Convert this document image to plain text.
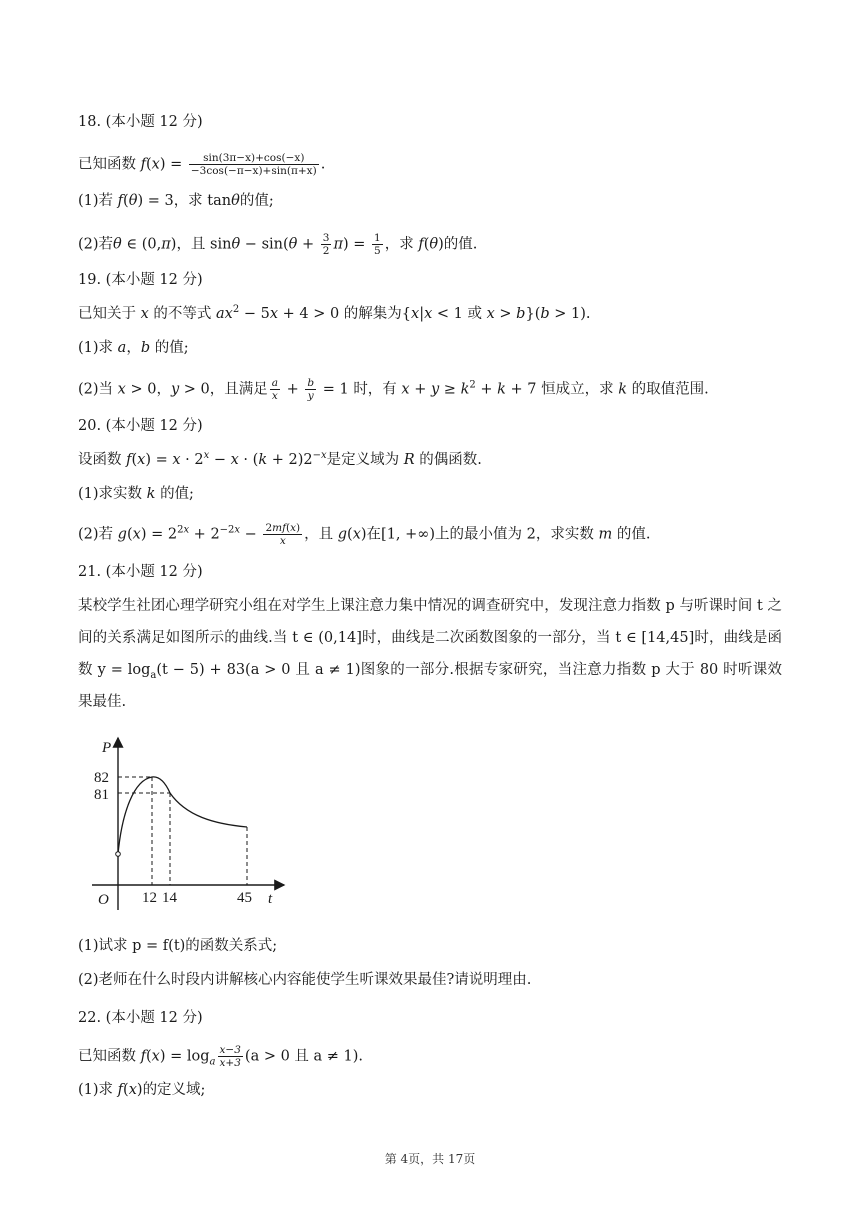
18. (本小题 12 分)
已知函数 $f(x) = \frac{\sin(3\pi-x)+\cos(-x)}{-3\cos(-\pi-x)+\sin(\pi+x)}$ .
(1)若 f(θ) = 3，求 tanθ的值;
(2)若θ ∈ (0,π)，且 $\sin\theta - \sin(\theta + \frac{3}{2} \pi) = \frac{1}{5}$ ，求 f(θ)的值.
19. (本小题 12 分)
已知关于 x 的不等式 $ax^2 - 5x + 4 > 0$ 的解集为{x|x < 1 或 x > b}(b > 1).
(1)求 a，b 的值;
(2)当 x > 0，y > 0，且满足 $\frac{a}{x} + \frac{b}{y} = 1$ 时，有 $x + y \ge k^2 + k + 7$ 恒成立，求 k 的取值范围.
20. (本小题 12 分)
设函数 $f(x) = x \cdot 2^x - x \cdot (k + 2)2^{-x}$是定义域为 R 的偶函数.
(1)求实数 k 的值;
(2)若 $g(x) = 2^{2x} + 2^{-2x} - \frac{2mf(x)}{x}$ ，且 g(x)在[1, +∞)上的最小值为 2，求实数 m 的值.
21. (本小题 12 分)
某校学生社团心理学研究小组在对学生上课注意力集中情况的调查研究中，发现注意力指数 p 与听课时间 t 之间的关系满足如图所示的曲线.当 t ∈ (0,14]时，曲线是二次函数图象的一部分，当 t ∈ [14,45]时，曲线是函数 $y = \log_a(t - 5) + 83(a > 0$ 且 a ≠ 1)图象的一部分.根据专家研究，当注意力指数 p 大于 80 时听课效果最佳.
P
t
O
82
81
12 14	45
(1)试求 p = f(t)的函数关系式;
(2)老师在什么时段内讲解核心内容能使学生听课效果最佳?请说明理由.
22. (本小题 12 分)
已知函数 $f(x) = \log_a \frac{x-3}{x+3} (a > 0$ 且 a ≠ 1).
(1)求 f(x)的定义域;
第 4页，共 17页
